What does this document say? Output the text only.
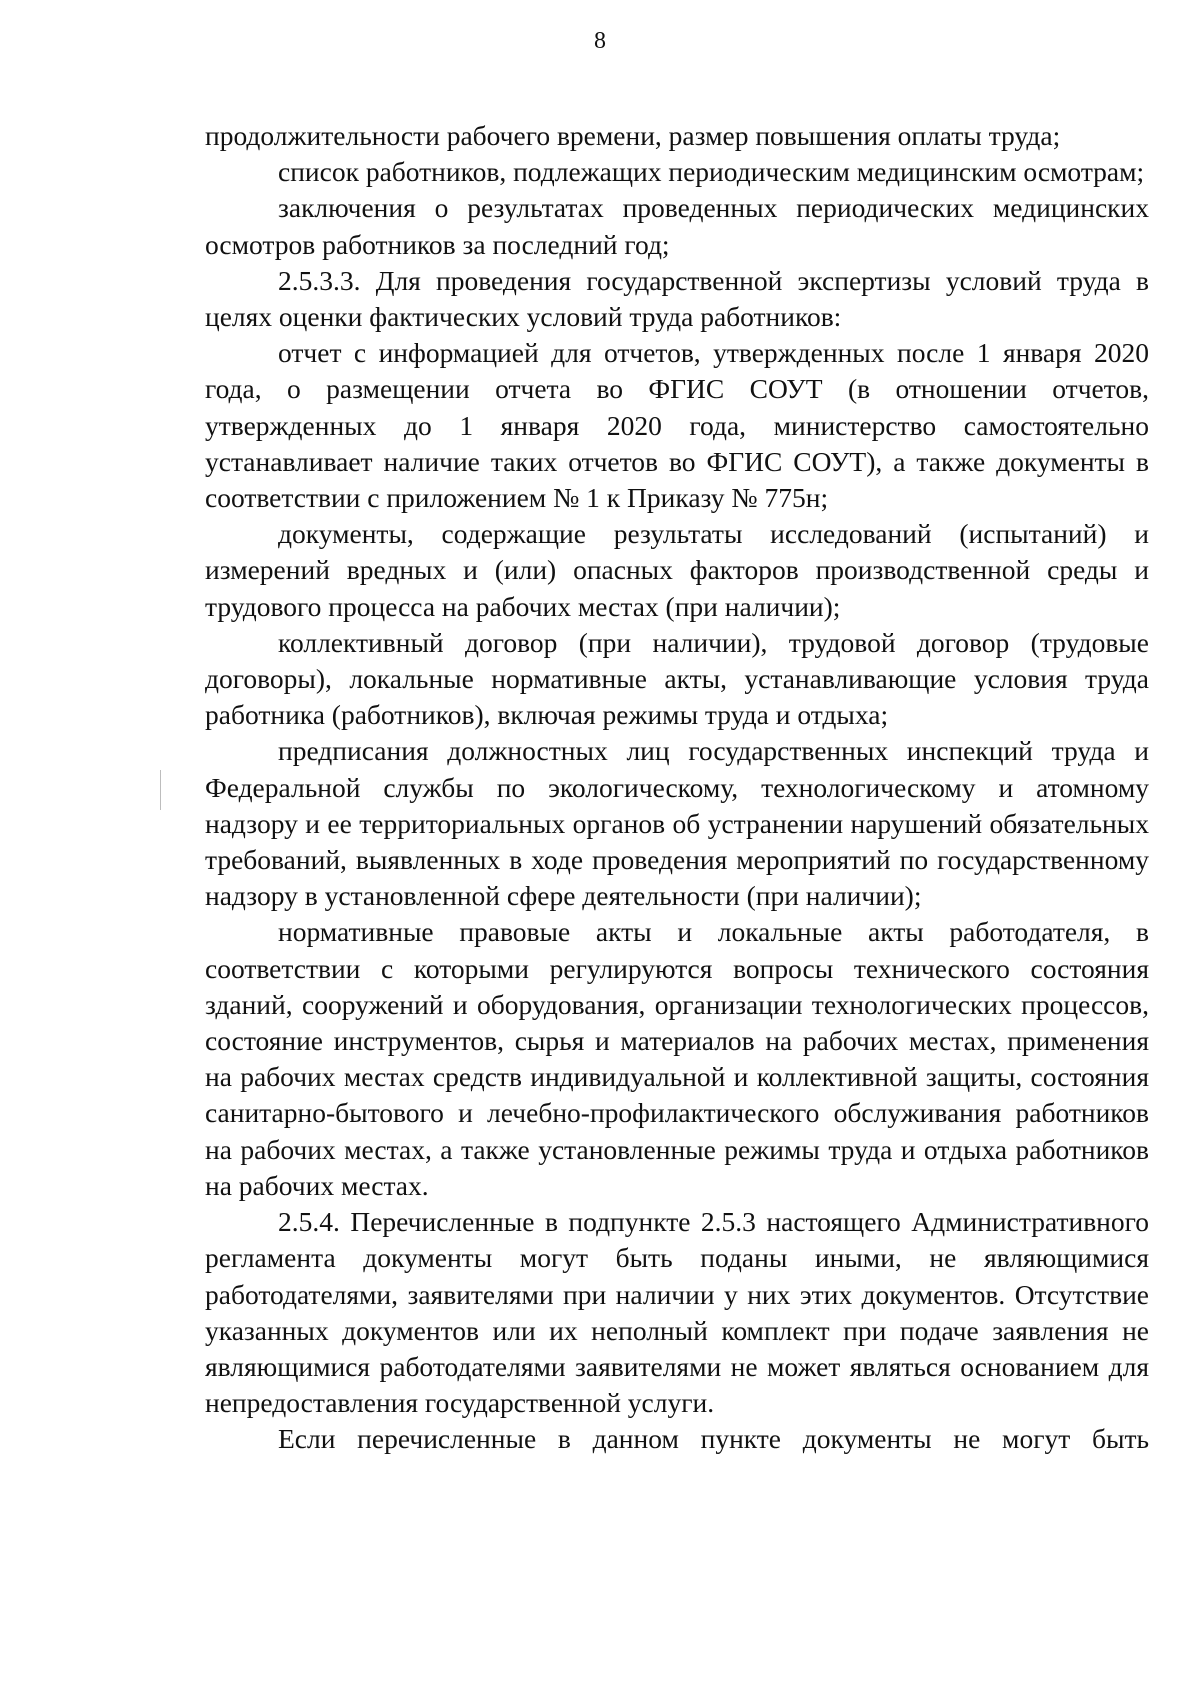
8

продолжительности рабочего времени, размер повышения оплаты труда;

список работников, подлежащих периодическим медицинским осмотрам;

заключения о результатах проведенных периодических медицинских осмотров работников за последний год;

2.5.3.3. Для проведения государственной экспертизы условий труда в целях оценки фактических условий труда работников:

отчет с информацией для отчетов, утвержденных после 1 января 2020 года, о размещении отчета во ФГИС СОУТ (в отношении отчетов, утвержденных до 1 января 2020 года, министерство самостоятельно устанавливает наличие таких отчетов во ФГИС СОУТ), а также документы в соответствии с приложением № 1 к Приказу № 775н;

документы, содержащие результаты исследований (испытаний) и измерений вредных и (или) опасных факторов производственной среды и трудового процесса на рабочих местах (при наличии);

коллективный договор (при наличии), трудовой договор (трудовые договоры), локальные нормативные акты, устанавливающие условия труда работника (работников), включая режимы труда и отдыха;

предписания должностных лиц государственных инспекций труда и Федеральной службы по экологическому, технологическому и атомному надзору и ее территориальных органов об устранении нарушений обязательных требований, выявленных в ходе проведения мероприятий по государственному надзору в установленной сфере деятельности (при наличии);

нормативные правовые акты и локальные акты работодателя, в соответствии с которыми регулируются вопросы технического состояния зданий, сооружений и оборудования, организации технологических процессов, состояние инструментов, сырья и материалов на рабочих местах, применения на рабочих местах средств индивидуальной и коллективной защиты, состояния санитарно-бытового и лечебно-профилактического обслуживания работников на рабочих местах, а также установленные режимы труда и отдыха работников на рабочих местах.

2.5.4. Перечисленные в подпункте 2.5.3 настоящего Административного регламента документы могут быть поданы иными, не являющимися работодателями, заявителями при наличии у них этих документов. Отсутствие указанных документов или их неполный комплект при подаче заявления не являющимися работодателями заявителями не может являться основанием для непредоставления государственной услуги.

Если перечисленные в данном пункте документы не могут быть
